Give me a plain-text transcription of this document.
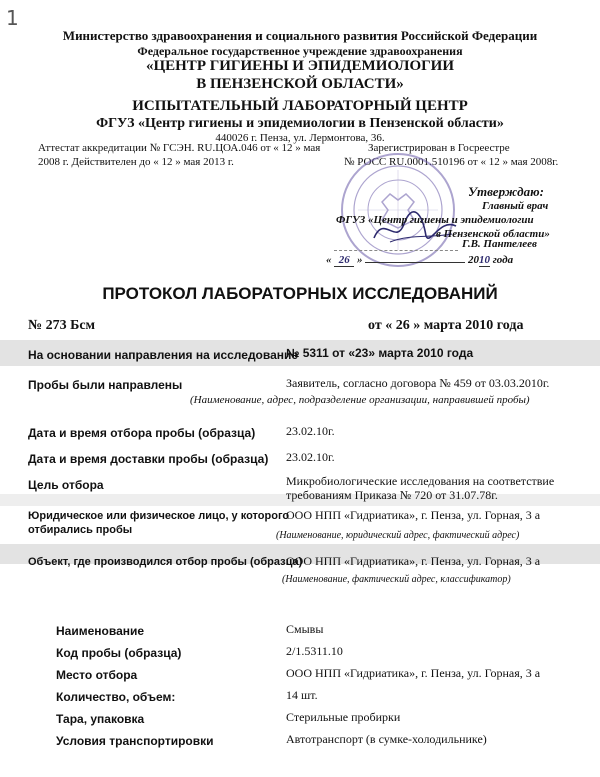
1
Министерство здравоохранения и социального развития Российской Федерации
Федеральное государственное учреждение здравоохранения
«ЦЕНТР ГИГИЕНЫ И ЭПИДЕМИОЛОГИИ
В ПЕНЗЕНСКОЙ ОБЛАСТИ»
ИСПЫТАТЕЛЬНЫЙ ЛАБОРАТОРНЫЙ ЦЕНТР
ФГУЗ «Центр гигиены и эпидемиологии в Пензенской области»
440026 г. Пенза, ул. Лермонтова, 36.
Аттестат аккредитации № ГСЭН. RU.ЦОА.046 от « 12 » мая
2008 г. Действителен до « 12 » мая 2013 г.
Зарегистрирован в Госреестре
№ РОСС RU.0001.510196 от « 12 » мая 2008г.
Утверждаю:
Главный врач
ФГУЗ «Центр гигиены и эпидемиологии
в Пензенской области»
Г.В. Пантелеев
« 26 »	2010 года
ПРОТОКОЛ ЛАБОРАТОРНЫХ ИССЛЕДОВАНИЙ
№ 273 Бсм	от « 26 » марта 2010 года
На основании направления на исследование
№ 5311 от «23» марта 2010 года
Пробы были направлены	Заявитель, согласно договора № 459 от 03.03.2010г.
(Наименование, адрес, подразделение организации, направившей пробы)
Дата и время отбора пробы (образца)	23.02.10г.
Дата и время доставки пробы (образца) 23.02.10г.
Цель отбора	Микробиологические исследования на соответствие
требованиям Приказа № 720 от 31.07.78г.
Юридическое или физическое лицо, у которого
отбирались пробы
ООО НПП «Гидриатика», г. Пенза, ул. Горная, 3 а
(Наименование, юридический адрес, фактический адрес)
Объект, где производился отбор пробы (образца)
ООО НПП «Гидриатика», г. Пенза, ул. Горная, 3 а
(Наименование, фактический адрес, классификатор)
Наименование	Смывы
Код пробы (образца)	2/1.5311.10
Место отбора	ООО НПП «Гидриатика», г. Пенза, ул. Горная, 3 а
Количество, объем:	14 шт.
Тара, упаковка	Стерильные пробирки
Условия транспортировки	Автотранспорт (в сумке-холодильнике)
